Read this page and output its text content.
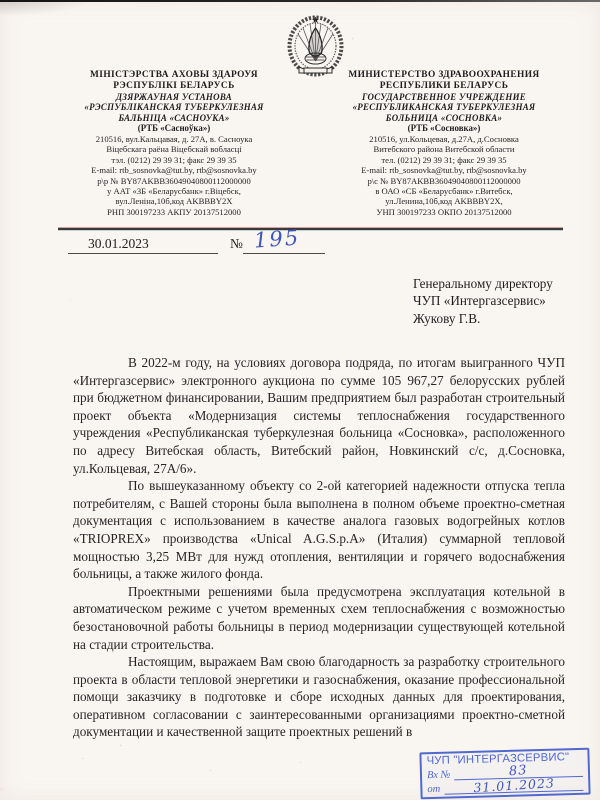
МІНІСТЭРСТВА АХОВЫ ЗДАРОУЯ
РЭСПУБЛІКІ БЕЛАРУСЬ
ДЗЯРЖАУНАЯ УСТАНОВА
«РЭСПУБЛІКАНСКАЯ ТУБЕРКУЛЕЗНАЯ
БАЛЬНІЦА «САСНОУКА»
(РТБ «Сасноўка»)
210516, вул.Кальцавая, д. 27А, в. Сасноука
Віцебскага раёна Віцебскай вобласці
тэл. (0212) 29 39 31; факс 29 39 35
E-mail: rtb_sosnovka@tut.by, rtb@sosnovka.by
р\р № BY87AKBB36049040800112000000
у ААТ «ЗБ «Беларусбанк» г.Віцебск,
вул.Леніна,10б,код AKBBBY2X
РНП 300197233 АКПУ 20137512000
МИНИСТЕРСТВО ЗДРАВООХРАНЕНИЯ
РЕСПУБЛИКИ БЕЛАРУСЬ
ГОСУДАРСТВЕННОЕ УЧРЕЖДЕНИЕ
«РЕСПУБЛИКАНСКАЯ ТУБЕРКУЛЕЗНАЯ
БОЛЬНИЦА «СОСНОВКА»
(РТБ «Сосновка»)
210516, ул.Кольцевая, д.27А, д.Сосновка
Витебского района Витебской области
тел. (0212) 29 39 31; факс 29 39 35
E-mail: rtb_sosnovka@tut.by, rtb@sosnovka.by
р\с № BY87AKBB36049040800112000000
в ОАО «СБ «Беларусбанк» г.Витебск,
ул.Ленина,10б,код AKBBBY2X,
УНП 300197233 ОКПО 20137512000
30.01.2023	№ 195
Генеральному директору
ЧУП «Интергазсервис»
Жукову Г.В.

В 2022-м году, на условиях договора подряда, по итогам выигранного ЧУП «Интергазсервис» электронного аукциона по сумме 105 967,27 белорусских рублей при бюджетном финансировании, Вашим предприятием был разработан строительный проект объекта «Модернизация системы теплоснабжения государственного учреждения «Республиканская туберкулезная больница «Сосновка», расположенного по адресу Витебская область, Витебский район, Новкинский с/с, д.Сосновка, ул.Кольцевая, 27А/6».

По вышеуказанному объекту со 2-ой категорией надежности отпуска тепла потребителям, с Вашей стороны была выполнена в полном объеме проектно-сметная документация с использованием в качестве аналога газовых водогрейных котлов «TRIOPREX» производства «Unical A.G.S.p.A» (Италия) суммарной тепловой мощностью 3,25 МВт для нужд отопления, вентиляции и горячего водоснабжения больницы, а также жилого фонда.

Проектными решениями была предусмотрена эксплуатация котельной в автоматическом режиме с учетом временных схем теплоснабжения с возможностью безостановочной работы больницы в период модернизации существующей котельной на стадии строительства.

Настоящим, выражаем Вам свою благодарность за разработку строительного проекта в области тепловой энергетики и газоснабжения, оказание профессиональной помощи заказчику в подготовке и сборе исходных данных для проектирования, оперативном согласовании с заинтересованными организациями проектно-сметной документации и качественной защите проектных решений в

ЧУП "ИНТЕРГАЗСЕРВИС"
Вх №	83
от	31.01.2023
